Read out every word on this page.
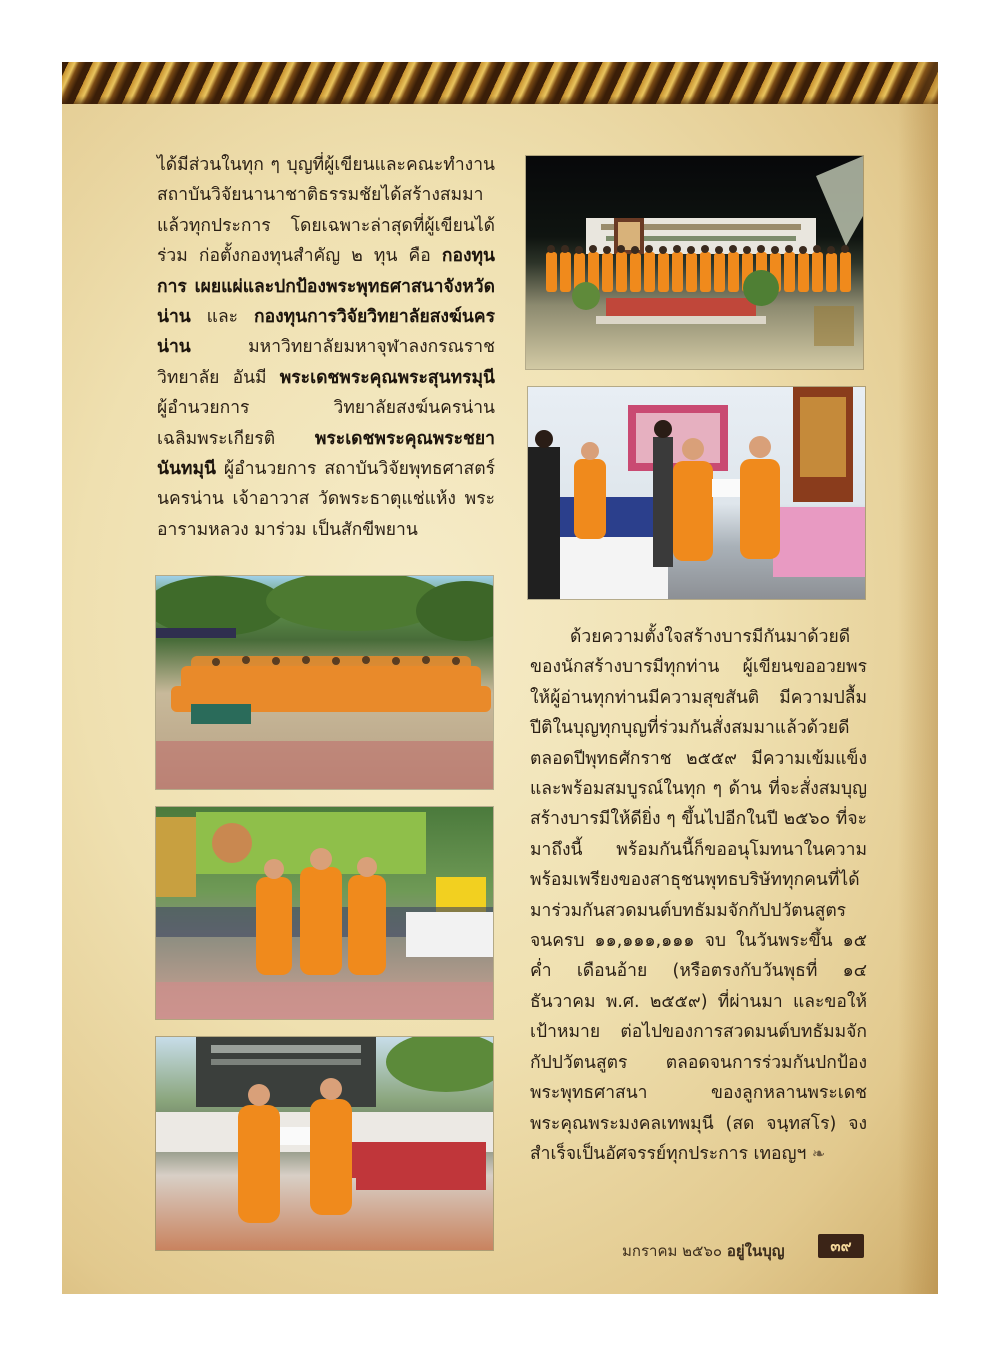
ได้มีส่วนในทุก ๆ บุญที่ผู้เขียนและคณะทำงาน สถาบันวิจัยนานาชาติธรรมชัยได้สร้างสมมา แล้วทุกประการ โดยเฉพาะล่าสุดที่ผู้เขียนได้ร่วม ก่อตั้งกองทุนสำคัญ ๒ ทุน คือ กองทุนการ เผยแผ่และปกป้องพระพุทธศาสนาจังหวัดน่าน และ กองทุนการวิจัยวิทยาลัยสงฆ์นครน่าน มหาวิทยาลัยมหาจุฬาลงกรณราชวิทยาลัย อันมี พระเดชพระคุณพระสุนทรมุนี ผู้อำนวยการ วิทยาลัยสงฆ์นครน่านเฉลิมพระเกียรติ พระเดชพระคุณพระชยานันทมุนี ผู้อำนวยการ สถาบันวิจัยพุทธศาสตร์นครน่าน เจ้าอาวาส วัดพระธาตุแช่แห้ง พระอารามหลวง มาร่วม เป็นสักขีพยาน
ด้วยความตั้งใจสร้างบารมีกันมาด้วยดี ของนักสร้างบารมีทุกท่าน ผู้เขียนขออวยพร ให้ผู้อ่านทุกท่านมีความสุขสันติ มีความปลื้ม ปีติในบุญทุกบุญที่ร่วมกันสั่งสมมาแล้วด้วยดี ตลอดปีพุทธศักราช ๒๕๕๙ มีความเข้มแข็ง และพร้อมสมบูรณ์ในทุก ๆ ด้าน ที่จะสั่งสมบุญ สร้างบารมีให้ดียิ่ง ๆ ขึ้นไปอีกในปี ๒๕๖๐ ที่จะมาถึงนี้ พร้อมกันนี้ก็ขออนุโมทนาในความ พร้อมเพรียงของสาธุชนพุทธบริษัททุกคนที่ได้ มาร่วมกันสวดมนต์บทธัมมจักกัปปวัตนสูตร จนครบ ๑๑,๑๑๑,๑๑๑ จบ ในวันพระขึ้น ๑๕ ค่ำ เดือนอ้าย (หรือตรงกับวันพุธที่ ๑๔ ธันวาคม พ.ศ. ๒๕๕๙) ที่ผ่านมา และขอให้เป้าหมาย ต่อไปของการสวดมนต์บทธัมมจักกัปปวัตนสูตร ตลอดจนการร่วมกันปกป้องพระพุทธศาสนา ของลูกหลานพระเดชพระคุณพระมงคลเทพมุนี (สด จนฺทสโร) จงสำเร็จเป็นอัศจรรย์ทุกประการ เทอญฯ ❧
มกราคม ๒๕๖๐ อยู่ในบุญ	๓๙
